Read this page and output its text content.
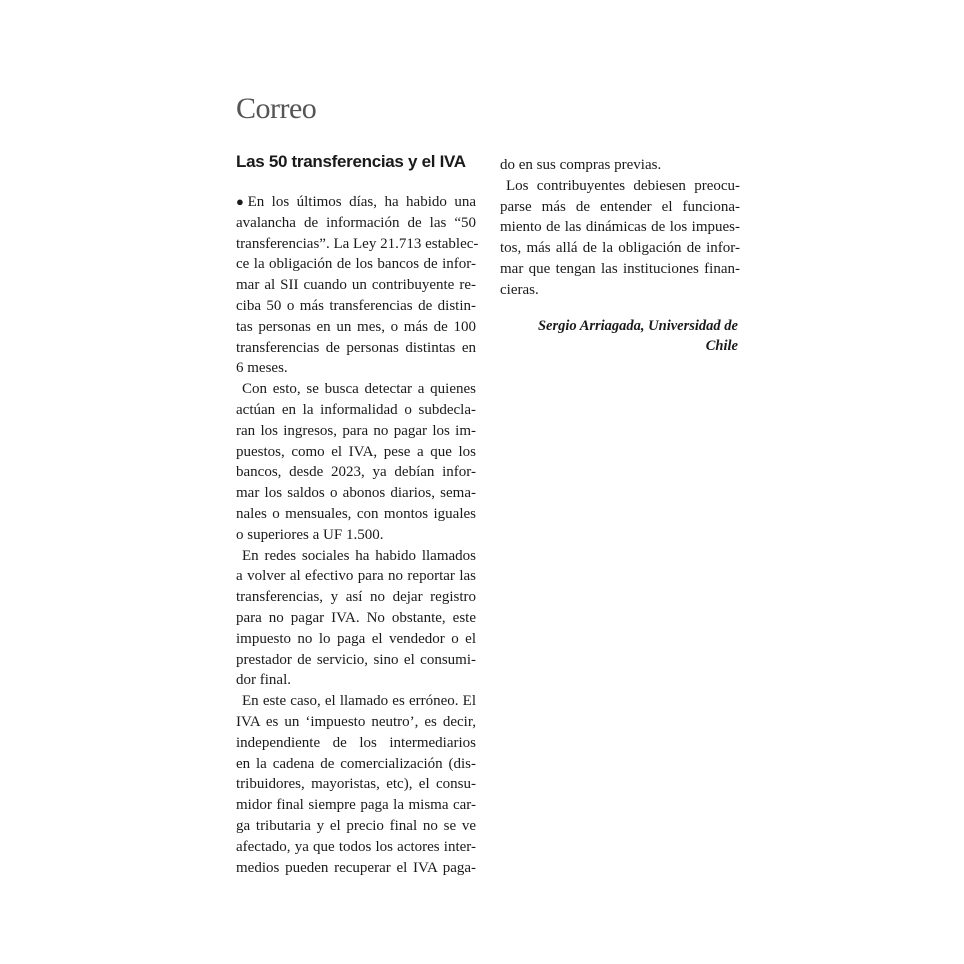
Correo
Las 50 transferencias y el IVA
●En los últimos días, ha habido una
avalancha de información de las “50
transferencias”. La Ley 21.713 establec-
ce la obligación de los bancos de infor-
mar al SII cuando un contribuyente re-
ciba 50 o más transferencias de distin-
tas personas en un mes, o más de 100
transferencias de personas distintas en
6 meses.
Con esto, se busca detectar a quienes
actúan en la informalidad o subdecla-
ran los ingresos, para no pagar los im-
puestos, como el IVA, pese a que los
bancos, desde 2023, ya debían infor-
mar los saldos o abonos diarios, sema-
nales o mensuales, con montos iguales
o superiores a UF 1.500.
En redes sociales ha habido llamados
a volver al efectivo para no reportar las
transferencias, y así no dejar registro
para no pagar IVA. No obstante, este
impuesto no lo paga el vendedor o el
prestador de servicio, sino el consumi-
dor final.
En este caso, el llamado es erróneo. El
IVA es un ‘impuesto neutro’, es decir,
independiente de los intermediarios
en la cadena de comercialización (dis-
tribuidores, mayoristas, etc), el consu-
midor final siempre paga la misma car-
ga tributaria y el precio final no se ve
afectado, ya que todos los actores inter-
medios pueden recuperar el IVA paga-
do en sus compras previas.
Los contribuyentes debiesen preocu-
parse más de entender el funciona-
miento de las dinámicas de los impues-
tos, más allá de la obligación de infor-
mar que tengan las instituciones finan-
cieras.
Sergio Arriagada, Universidad de
Chile
